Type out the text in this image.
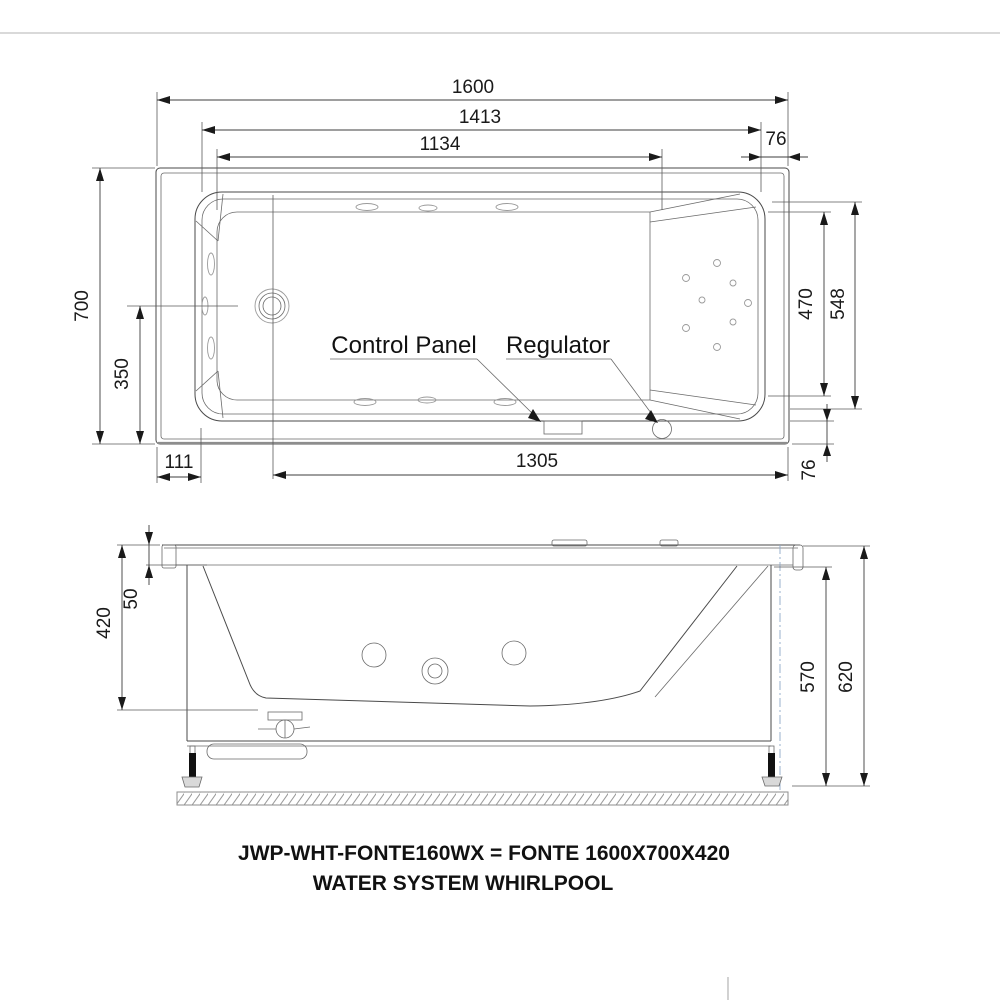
Control Panel Regulator
1600
1413
1134	76
700
350
111	1305
470 548
76
50
420
570 620
JWP-WHT-FONTE160WX = FONTE 1600X700X420
WATER SYSTEM WHIRLPOOL
